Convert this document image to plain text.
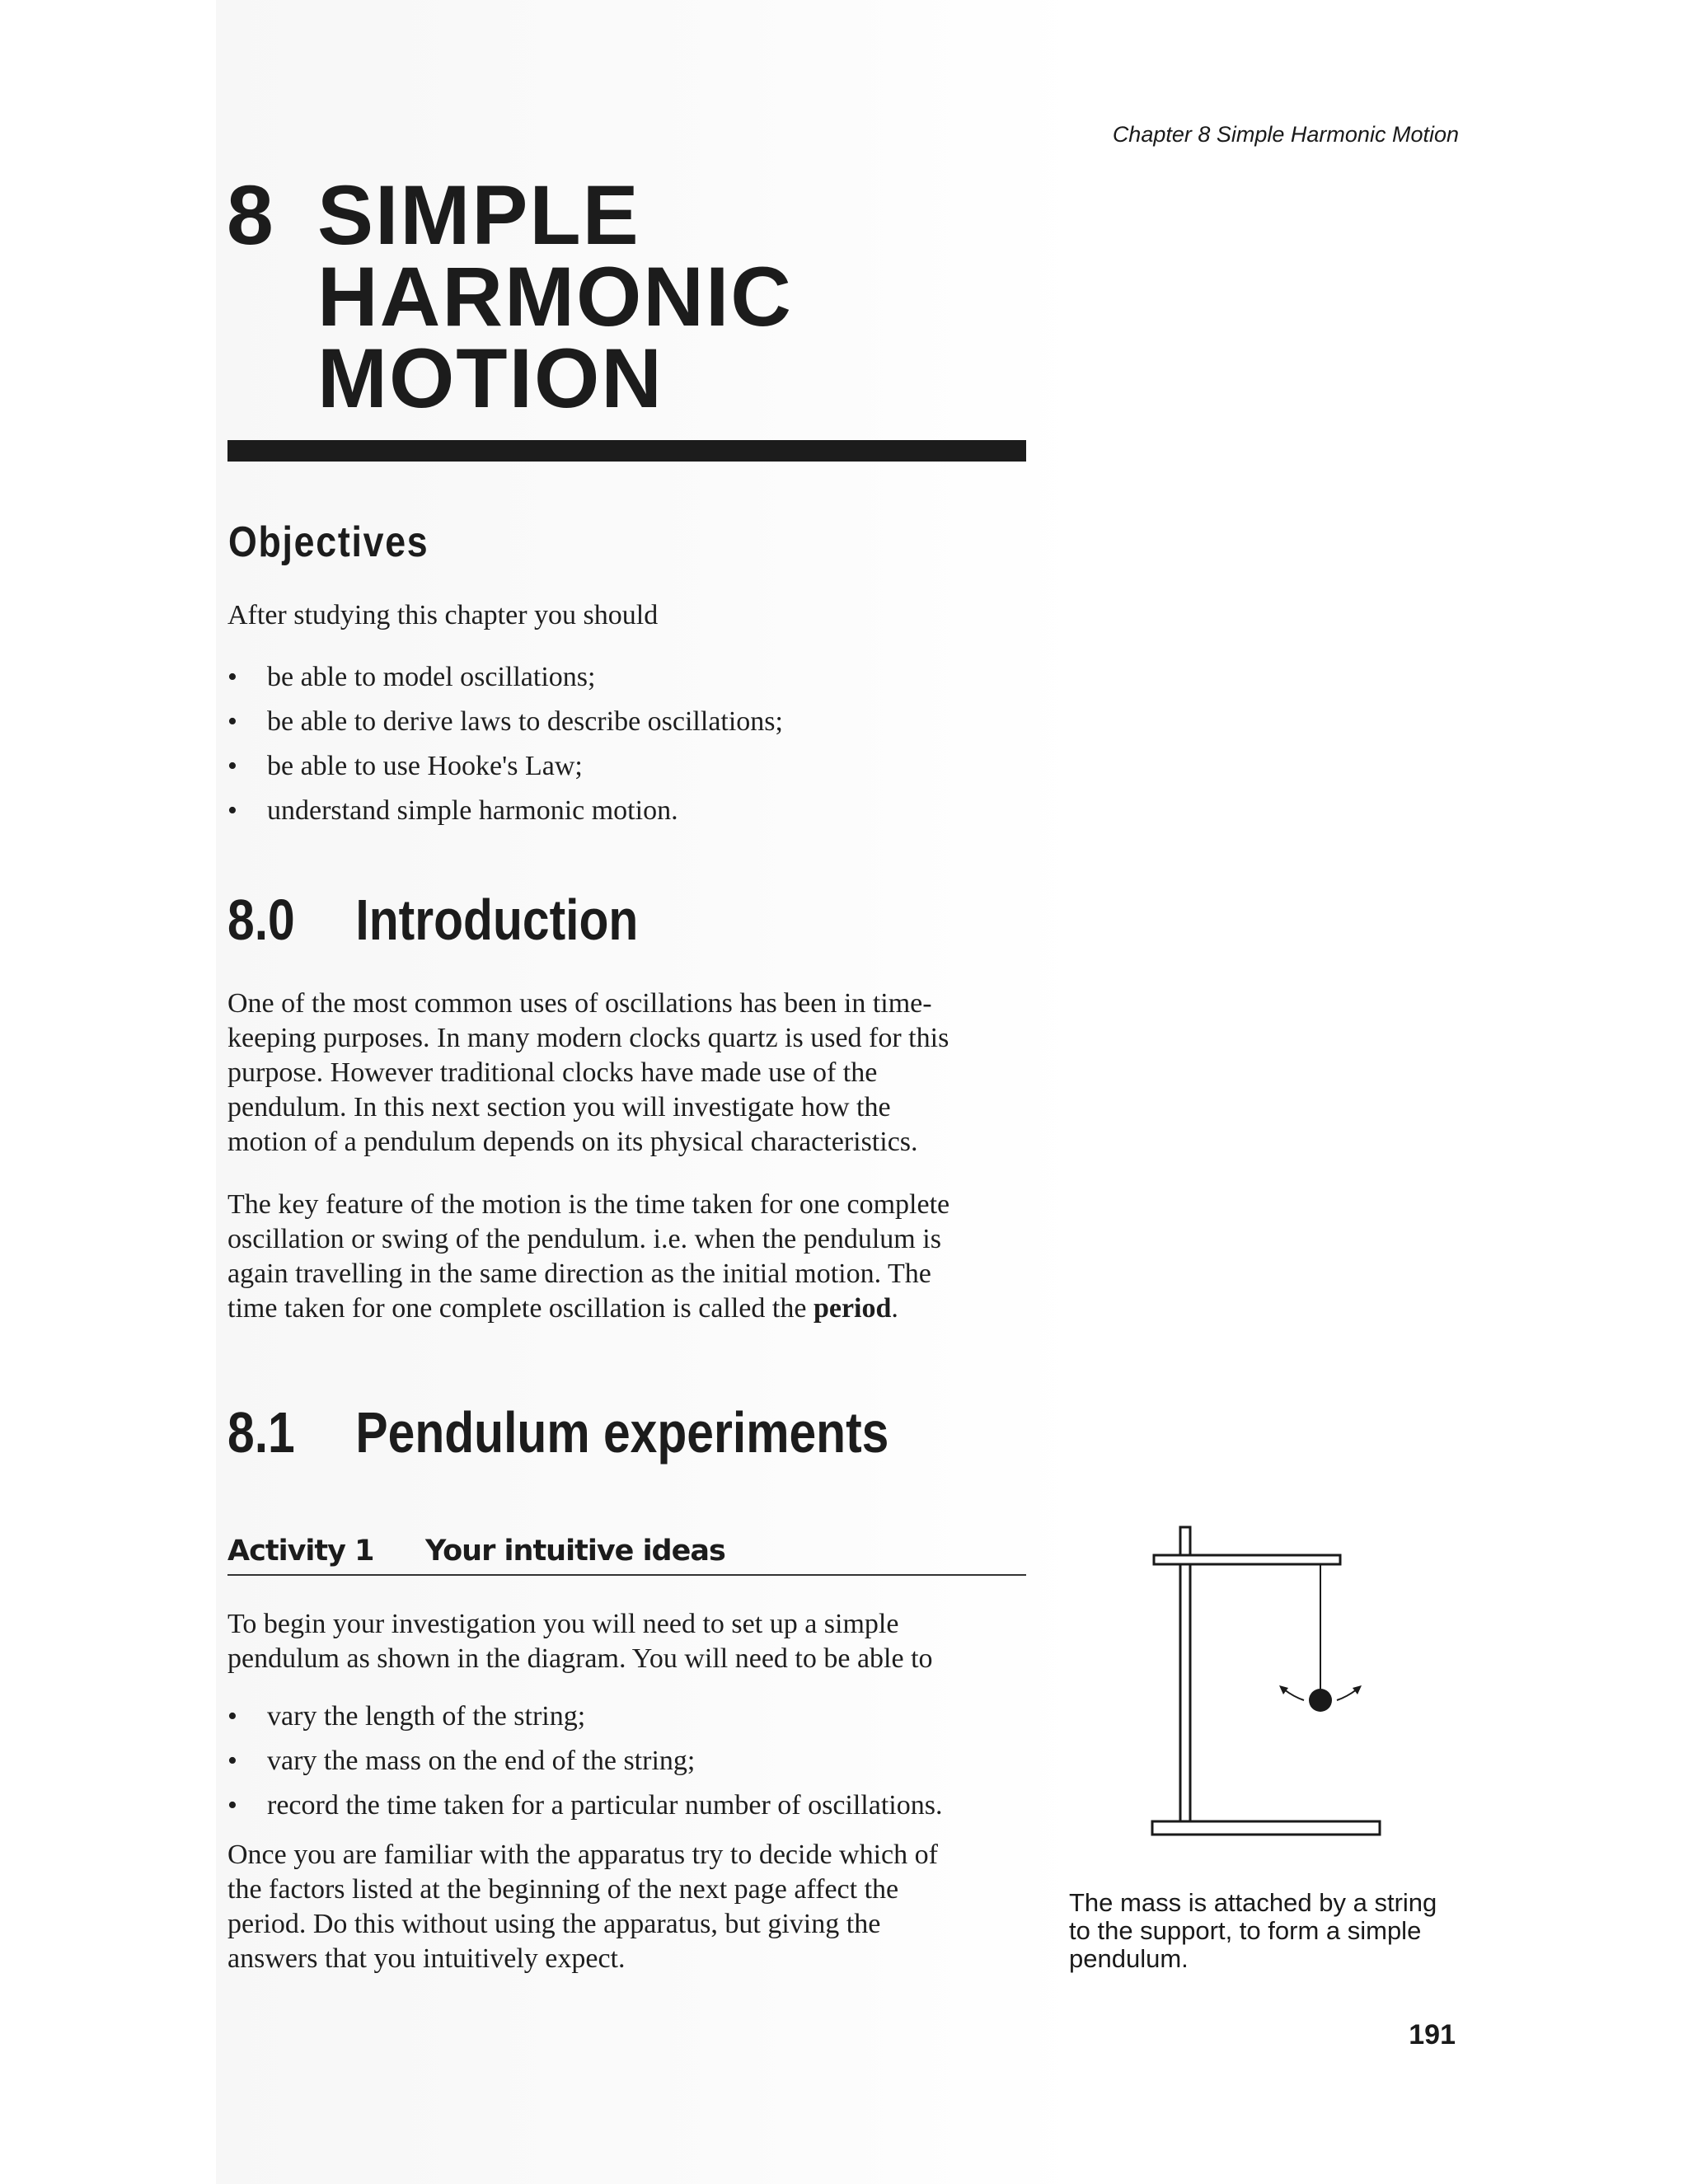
Chapter 8 Simple Harmonic Motion
8 SIMPLE
HARMONIC
MOTION
Objectives
After studying this chapter you should
• be able to model oscillations;
• be able to derive laws to describe oscillations;
• be able to use Hooke's Law;
• understand simple harmonic motion.
8.0 Introduction
One of the most common uses of oscillations has been in time-
keeping purposes. In many modern clocks quartz is used for this
purpose. However traditional clocks have made use of the
pendulum. In this next section you will investigate how the
motion of a pendulum depends on its physical characteristics.
The key feature of the motion is the time taken for one complete
oscillation or swing of the pendulum. i.e. when the pendulum is
again travelling in the same direction as the initial motion. The
time taken for one complete oscillation is called the period.
8.1 Pendulum experiments
Activity 1 Your intuitive ideas
To begin your investigation you will need to set up a simple
pendulum as shown in the diagram. You will need to be able to
• vary the length of the string;
• vary the mass on the end of the string;
• record the time taken for a particular number of oscillations.
Once you are familiar with the apparatus try to decide which of
the factors listed at the beginning of the next page affect the
period. Do this without using the apparatus, but giving the
answers that you intuitively expect.
The mass is attached by a string
to the support, to form a simple
pendulum.
191
